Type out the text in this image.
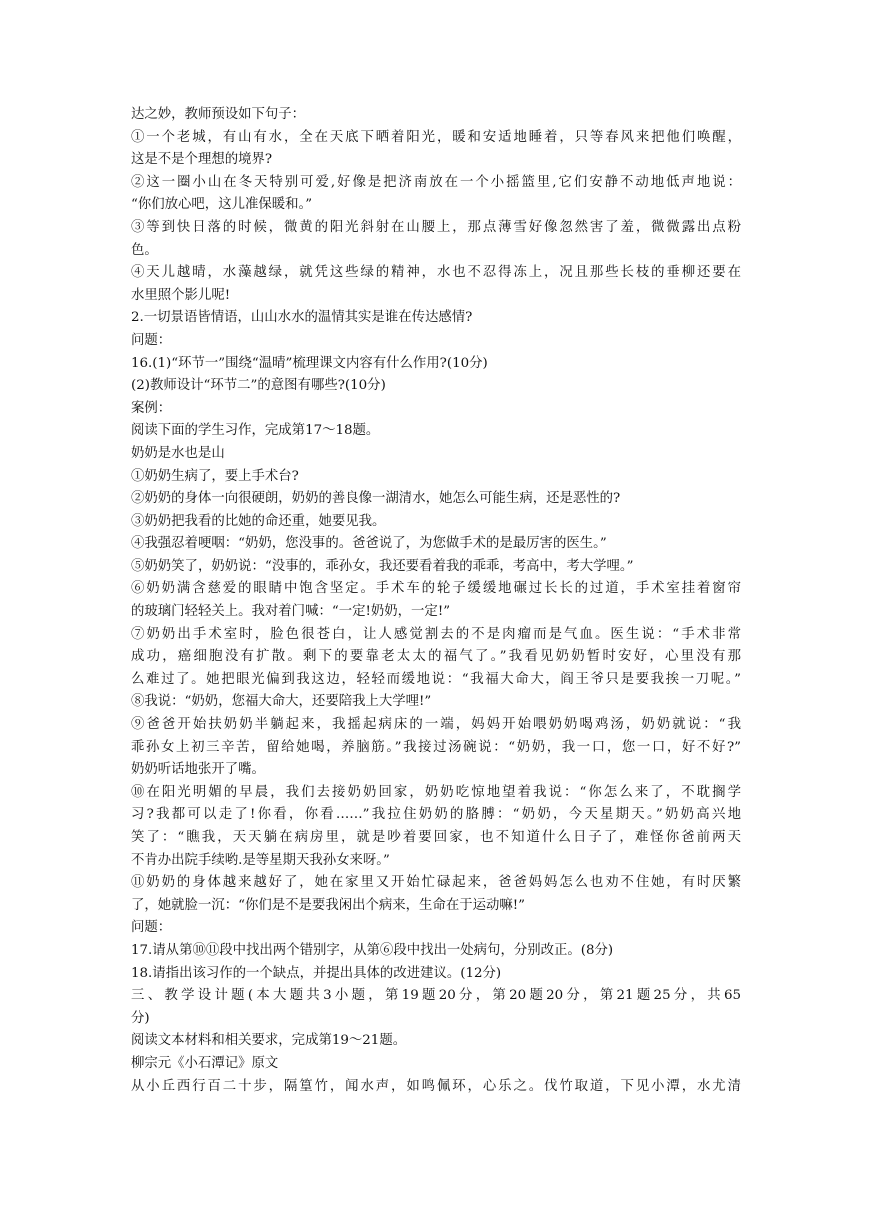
达之妙，教师预设如下句子：
①一个老城，有山有水，全在天底下晒着阳光，暖和安适地睡着，只等春风来把他们唤醒，
这是不是个理想的境界?
②这一圈小山在冬天特别可爱,好像是把济南放在一个小摇篮里,它们安静不动地低声地说：
“你们放心吧，这儿准保暖和。”
③等到快日落的时候，微黄的阳光斜射在山腰上，那点薄雪好像忽然害了羞，微微露出点粉
色。
④天儿越晴，水藻越绿，就凭这些绿的精神，水也不忍得冻上，况且那些长枝的垂柳还要在
水里照个影儿呢!
2.一切景语皆情语，山山水水的温情其实是谁在传达感情?
问题：
16.(1)“环节一”围绕“温晴”梳理课文内容有什么作用?(10分)
(2)教师设计“环节二”的意图有哪些?(10分)
案例：
阅读下面的学生习作，完成第17～18题。
奶奶是水也是山
①奶奶生病了，要上手术台?
②奶奶的身体一向很硬朗，奶奶的善良像一湖清水，她怎么可能生病，还是恶性的?
③奶奶把我看的比她的命还重，她要见我。
④我强忍着哽咽：“奶奶，您没事的。爸爸说了，为您做手术的是最厉害的医生。”
⑤奶奶笑了，奶奶说：“没事的，乖孙女，我还要看着我的乖乖，考高中，考大学哩。”
⑥奶奶满含慈爱的眼睛中饱含坚定。手术车的轮子缓缓地碾过长长的过道，手术室挂着窗帘
的玻璃门轻轻关上。我对着门喊：“一定!奶奶，一定!”
⑦奶奶出手术室时，脸色很苍白，让人感觉割去的不是肉瘤而是气血。医生说：“手术非常
成功，癌细胞没有扩散。剩下的要靠老太太的福气了。”我看见奶奶暂时安好，心里没有那
么难过了。她把眼光偏到我这边，轻轻而缓地说：“我福大命大，阎王爷只是要我挨一刀呢。”
⑧我说：“奶奶，您福大命大，还要陪我上大学哩!”
⑨爸爸开始扶奶奶半躺起来，我摇起病床的一端，妈妈开始喂奶奶喝鸡汤，奶奶就说：“我
乖孙女上初三辛苦，留给她喝，养脑筋。”我接过汤碗说：“奶奶，我一口，您一口，好不好?”
奶奶听话地张开了嘴。
⑩在阳光明媚的早晨，我们去接奶奶回家，奶奶吃惊地望着我说：“你怎么来了，不耽搁学
习?我都可以走了!你看，你看……”我拉住奶奶的胳膊：“奶奶，今天星期天。”奶奶高兴地
笑了：“瞧我，天天躺在病房里，就是吵着要回家，也不知道什么日子了，难怪你爸前两天
不肯办出院手续哟.是等星期天我孙女来呀。”
⑪奶奶的身体越来越好了，她在家里又开始忙碌起来，爸爸妈妈怎么也劝不住她，有时厌繁
了，她就脸一沉：“你们是不是要我闲出个病来，生命在于运动嘛!”
问题：
17.请从第⑩⑪段中找出两个错别字，从第⑥段中找出一处病句，分别改正。(8分)
18.请指出该习作的一个缺点，并提出具体的改进建议。(12分)
三、教学设计题(本大题共3小题，第19题20分，第20题20分，第21题25分，共65
分)
阅读文本材料和相关要求，完成第19～21题。
柳宗元《小石潭记》原文
从小丘西行百二十步，隔篁竹，闻水声，如鸣佩环，心乐之。伐竹取道，下见小潭，水尤清
